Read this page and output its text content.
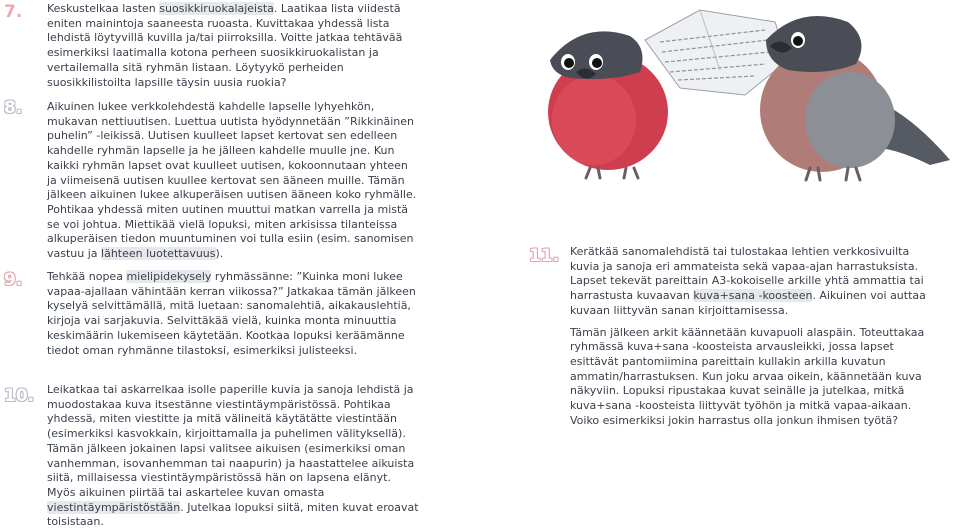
7. Keskustelkaa lasten suosikkiruokalajeista. Laatikaa lista viidestä eniten mainintoja saaneesta ruoasta. Kuvittakaa yhdessä lista lehdistä löytyvillä kuvilla ja/tai piirroksilla. Voitte jatkaa tehtävää esimerkiksi laatimalla kotona perheen suosikkiruokalistan ja vertailemalla sitä ryhmän listaan. Löytyykö perheiden suosikkilistoilta lapsille täysin uusia ruokia?
8. Aikuinen lukee verkkolehdestä kahdelle lapselle lyhyehkön, mukavan nettiuutisen. Luettua uutista hyödynnetään ”Rikkinäinen puhelin” -leikissä. Uutisen kuulleet lapset kertovat sen edelleen kahdelle ryhmän lapselle ja he jälleen kahdelle muulle jne. Kun kaikki ryhmän lapset ovat kuulleet uutisen, kokoonnutaan yhteen ja viimeisenä uutisen kuullee kertovat sen ääneen muille. Tämän jälkeen aikuinen lukee alkuperäisen uutisen ääneen koko ryhmälle. Pohtikaa yhdessä miten uutinen muuttui matkan varrella ja mistä se voi johtua. Miettikää vielä lopuksi, miten arkisissa tilanteissa alkuperäisen tiedon muuntuminen voi tulla esiin (esim. sanomisen vastuu ja lähteen luotettavuus).
9. Tehkää nopea mielipidekysely ryhmässänne: ”Kuinka moni lukee vapaa-ajallaan vähintään kerran viikossa?” Jatkakaa tämän jälkeen kyselyä selvittämällä, mitä luetaan: sanomalehtiä, aikakauslehtiä, kirjoja vai sarjakuvia. Selvittäkää vielä, kuinka monta minuuttia keskimäärin lukemiseen käytetään. Kootkaa lopuksi keräämänne tiedot oman ryhmänne tilastoksi, esimerkiksi julisteeksi.
10. Leikatkaa tai askarrelkaa isolle paperille kuvia ja sanoja lehdistä ja muodostakaa kuva itsestänne viestintäympäristössä. Pohtikaa yhdessä, miten viestitte ja mitä välineitä käytätätte viestintään (esimerkiksi kasvokkain, kirjoittamalla ja puhelimen välityksellä). Tämän jälkeen jokainen lapsi valitsee aikuisen (esimerkiksi oman vanhemman, isovanhemman tai naapurin) ja haastattelee aikuista siitä, millaisessa viestintäympäristössä hän on lapsena elänyt. Myös aikuinen piirtää tai askartelee kuvan omasta viestintäympäristöstään. Jutelkaa lopuksi siitä, miten kuvat eroavat toisistaan.
11. Kerätkää sanomalehdistä tai tulostakaa lehtien verkkosivuilta kuvia ja sanoja eri ammateista sekä vapaa-ajan harrastuksista. Lapset tekevät pareittain A3-kokoiselle arkille yhtä ammattia tai harrastusta kuvaavan kuva+sana -koosteen. Aikuinen voi auttaa kuvaan liittyvän sanan kirjoittamisessa.

Tämän jälkeen arkit käännetään kuvapuoli alaspäin. Toteuttakaa ryhmässä kuva+sana -koosteista arvausleikki, jossa lapset esittävät pantomiimina pareittain kullakin arkilla kuvatun ammatin/harrastuksen. Kun joku arvaa oikein, käännetään kuva näkyviin. Lopuksi ripustakaa kuvat seinälle ja jutelkaa, mitkä kuva+sana -koosteista liittyvät työhön ja mitkä vapaa-aikaan. Voiko esimerkiksi jokin harrastus olla jonkun ihmisen työtä?
